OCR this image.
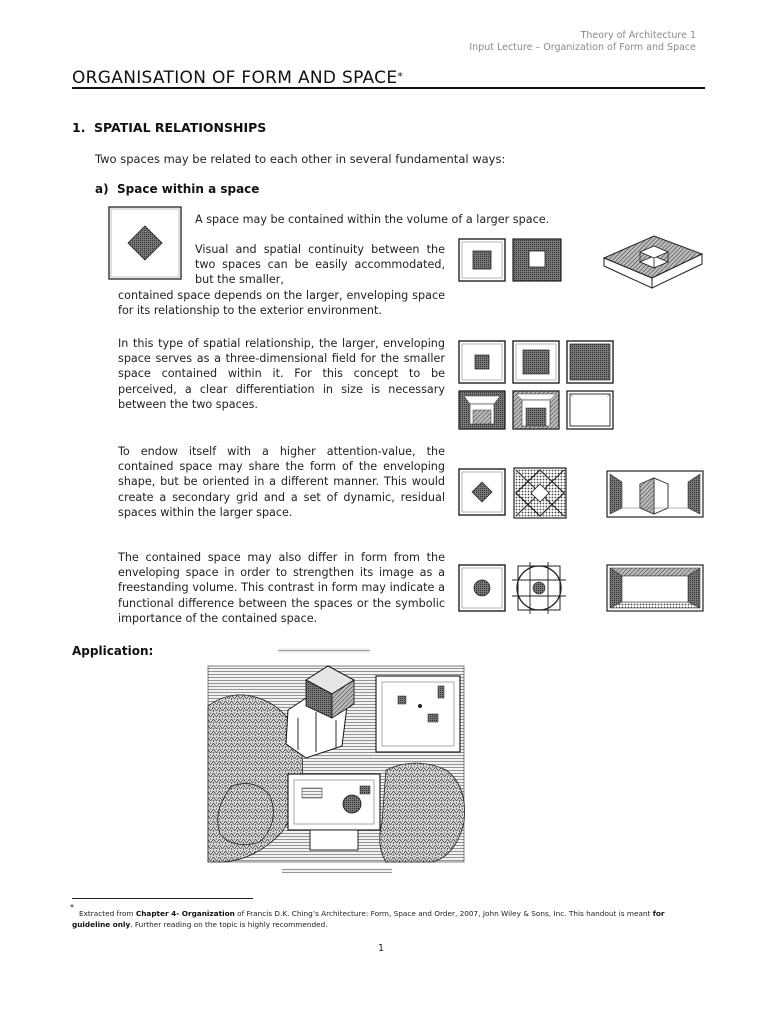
Theory of Architecture 1
Input Lecture – Organization of Form and Space
ORGANISATION OF FORM AND SPACE*
1. SPATIAL RELATIONSHIPS
Two spaces may be related to each other in several fundamental ways:
a) Space within a space
A space may be contained within the volume of a larger space.
Visual and spatial continuity between the two spaces can be easily accommodated, but the smaller,
contained space depends on the larger, enveloping space for its relationship to the exterior environment.
In this type of spatial relationship, the larger, enveloping space serves as a three-dimensional field for the smaller space contained within it. For this concept to be perceived, a clear differentiation in size is necessary between the two spaces.
To endow itself with a higher attention-value, the contained space may share the form of the enveloping shape, but be oriented in a different manner. This would create a secondary grid and a set of dynamic, residual spaces within the larger space.
The contained space may also differ in form from the enveloping space in order to strengthen its image as a freestanding volume. This contrast in form may indicate a functional difference between the spaces or the symbolic importance of the contained space.
Application:
*
Extracted from Chapter 4- Organization of Francis D.K. Ching’s Architecture: Form, Space and Order, 2007, John Wiley & Sons, Inc. This handout is meant for guideline only. Further reading on the topic is highly recommended.
1
